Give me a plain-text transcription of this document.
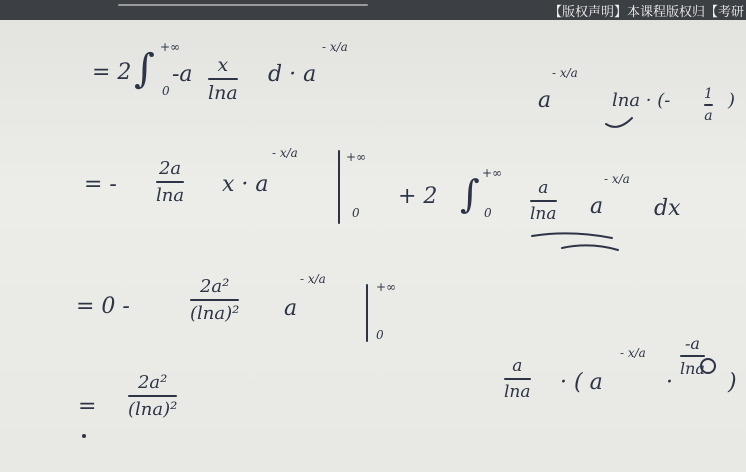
【版权声明】本课程版权归【考研
= 2 ∫ +∞
0
-a x
lna
d · a
- x/a
a
- x/a
lna · (- 1
a
)
= -
2a
lna x · a
- x/a	+∞
0
+ 2 ∫ +∞
0
a
lna a
- x/a
dx
= 0 -
2a²
(lna)² a
- x/a
+∞
0
=
2a²
(lna)²
a
lna · ( a
- x/a
·
-a
lna
)
